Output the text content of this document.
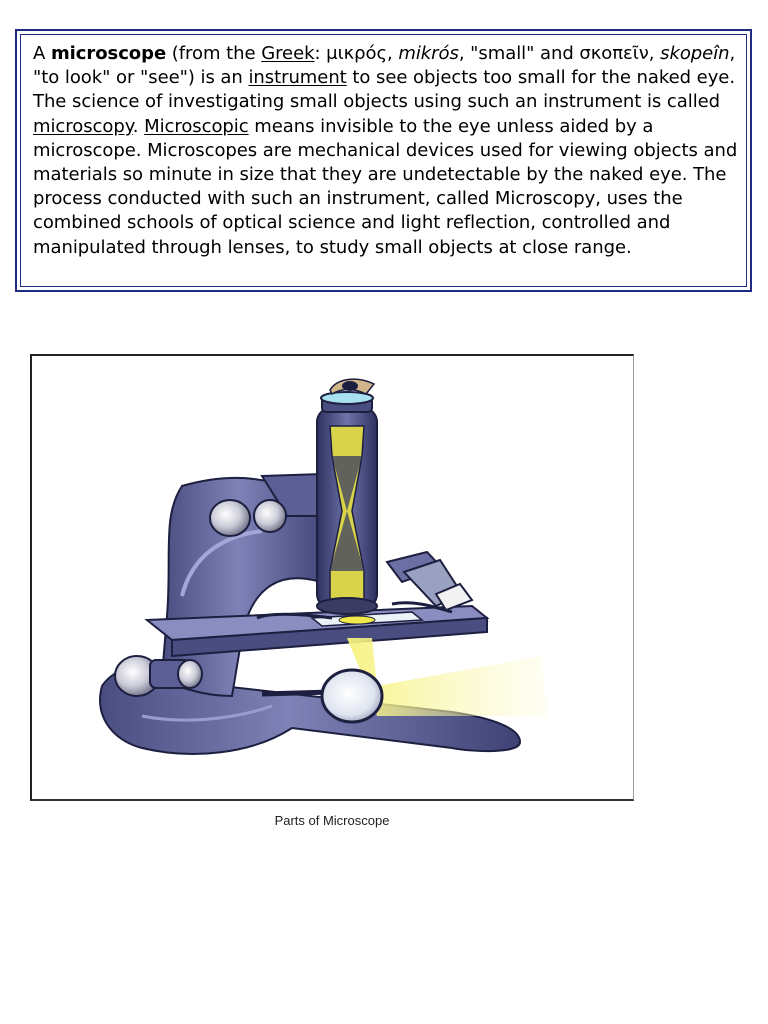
A microscope (from the Greek: μικρός, mikrós, "small" and σκοπεῖν, skopeîn, "to look" or "see") is an instrument to see objects too small for the naked eye. The science of investigating small objects using such an instrument is called microscopy. Microscopic means invisible to the eye unless aided by a microscope. Microscopes are mechanical devices used for viewing objects and materials so minute in size that they are undetectable by the naked eye. The process conducted with such an instrument, called Microscopy, uses the combined schools of optical science and light reflection, controlled and manipulated through lenses, to study small objects at close range.
Parts of Microscope
